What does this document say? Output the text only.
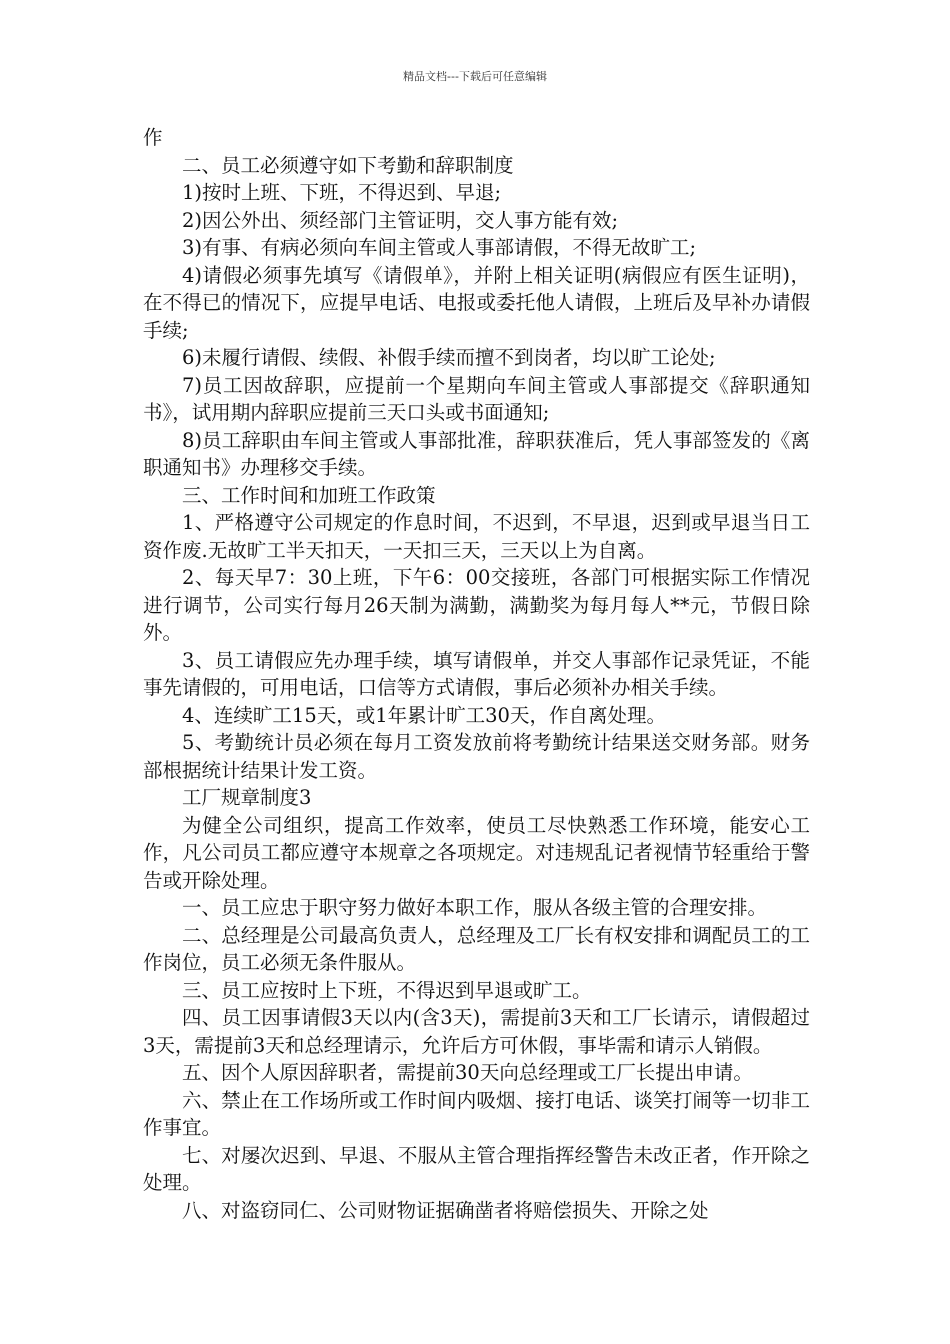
精品文档---下载后可任意编辑

作

二、员工必须遵守如下考勤和辞职制度

1)按时上班、下班，不得迟到、早退;

2)因公外出、须经部门主管证明，交人事方能有效;

3)有事、有病必须向车间主管或人事部请假，不得无故旷工;

4)请假必须事先填写《请假单》，并附上相关证明(病假应有医生证明)，在不得已的情况下，应提早电话、电报或委托他人请假，上班后及早补办请假手续;

6)未履行请假、续假、补假手续而擅不到岗者，均以旷工论处;

7)员工因故辞职，应提前一个星期向车间主管或人事部提交《辞职通知书》，试用期内辞职应提前三天口头或书面通知;

8)员工辞职由车间主管或人事部批准，辞职获准后，凭人事部签发的《离职通知书》办理移交手续。

三、工作时间和加班工作政策

1、严格遵守公司规定的作息时间，不迟到，不早退，迟到或早退当日工资作废.无故旷工半天扣天，一天扣三天，三天以上为自离。

2、每天早7：30上班，下午6：00交接班，各部门可根据实际工作情况进行调节，公司实行每月26天制为满勤，满勤奖为每月每人**元，节假日除外。

3、员工请假应先办理手续，填写请假单，并交人事部作记录凭证，不能事先请假的，可用电话，口信等方式请假，事后必须补办相关手续。

4、连续旷工15天，或1年累计旷工30天，作自离处理。

5、考勤统计员必须在每月工资发放前将考勤统计结果送交财务部。财务部根据统计结果计发工资。

工厂规章制度3

为健全公司组织，提高工作效率，使员工尽快熟悉工作环境，能安心工作，凡公司员工都应遵守本规章之各项规定。对违规乱记者视情节轻重给于警告或开除处理。

一、员工应忠于职守努力做好本职工作，服从各级主管的合理安排。

二、总经理是公司最高负责人，总经理及工厂长有权安排和调配员工的工作岗位，员工必须无条件服从。

三、员工应按时上下班，不得迟到早退或旷工。

四、员工因事请假3天以内(含3天)，需提前3天和工厂长请示，请假超过3天，需提前3天和总经理请示，允许后方可休假，事毕需和请示人销假。

五、因个人原因辞职者，需提前30天向总经理或工厂长提出申请。

六、禁止在工作场所或工作时间内吸烟、接打电话、谈笑打闹等一切非工作事宜。

七、对屡次迟到、早退、不服从主管合理指挥经警告未改正者，作开除之处理。

八、对盗窃同仁、公司财物证据确凿者将赔偿损失、开除之处
